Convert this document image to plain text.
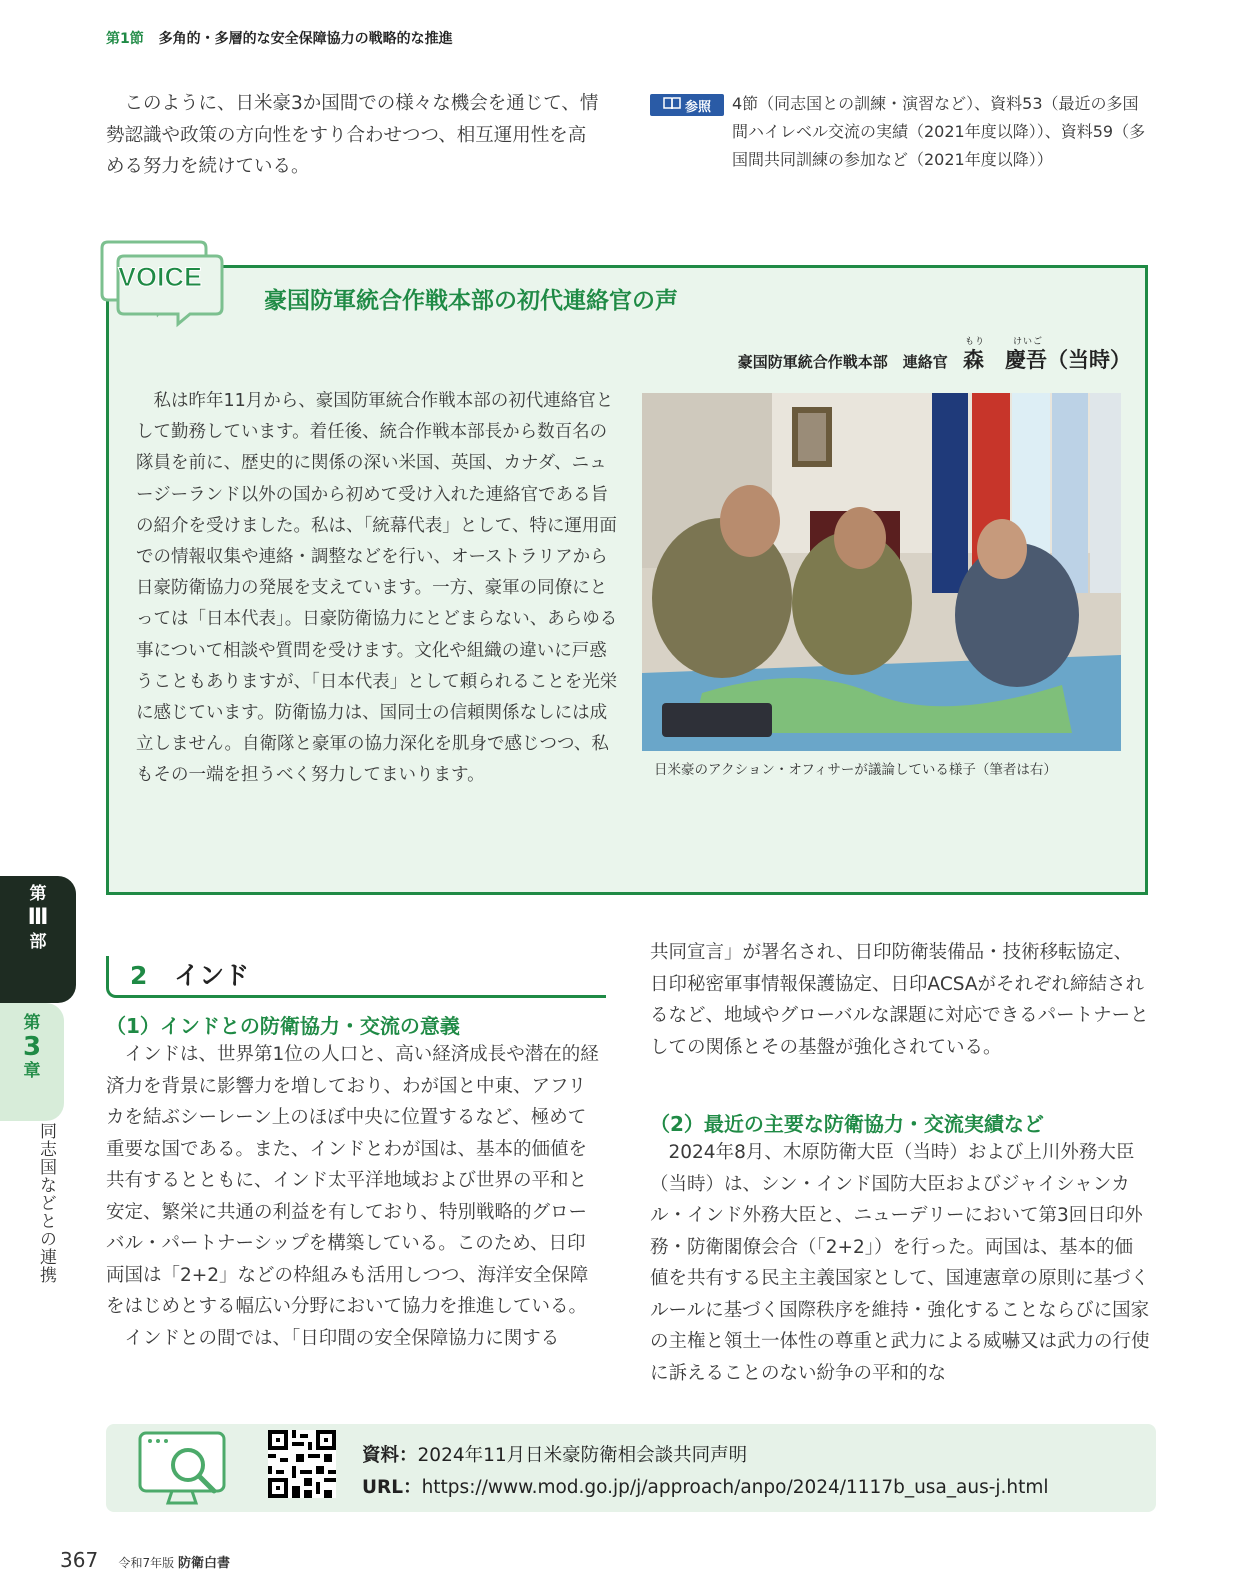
第1節 多角的・多層的な安全保障協力の戦略的な推進

このように、日米豪3か国間での様々な機会を通じて、情勢認識や政策の方向性をすり合わせつつ、相互運用性を高める努力を続けている。

参照 4節（同志国との訓練・演習など）、資料53（最近の多国間ハイレベル交流の実績（2021年度以降））、資料59（多国間共同訓練の参加など（2021年度以降））
VOICE
豪国防軍統合作戦本部の初代連絡官の声
豪国防軍統合作戦本部　連絡官
もり	けいご
森　慶吾（当時）

私は昨年11月から、豪国防軍統合作戦本部の初代連絡官として勤務しています。着任後、統合作戦本部長から数百名の隊員を前に、歴史的に関係の深い米国、英国、カナダ、ニュージーランド以外の国から初めて受け入れた連絡官である旨の紹介を受けました。私は、「統幕代表」として、特に運用面での情報収集や連絡・調整などを行い、オーストラリアから日豪防衛協力の発展を支えています。一方、豪軍の同僚にとっては「日本代表」。日豪防衛協力にとどまらない、あらゆる事について相談や質問を受けます。文化や組織の違いに戸惑うこともありますが、「日本代表」として頼られることを光栄に感じています。防衛協力は、国同士の信頼関係なしには成立しません。自衛隊と豪軍の協力深化を肌身で感じつつ、私もその一端を担うべく努力してまいります。	日米豪のアクション・オフィサーが議論している様子（筆者は右）
第
Ⅲ
部
第
3
章
同志国などとの連携
2 インド
（1）インドとの防衛協力・交流の意義

インドは、世界第1位の人口と、高い経済成長や潜在的経済力を背景に影響力を増しており、わが国と中東、アフリカを結ぶシーレーン上のほぼ中央に位置するなど、極めて重要な国である。また、インドとわが国は、基本的価値を共有するとともに、インド太平洋地域および世界の平和と安定、繁栄に共通の利益を有しており、特別戦略的グローバル・パートナーシップを構築している。このため、日印両国は「2+2」などの枠組みも活用しつつ、海洋安全保障をはじめとする幅広い分野において協力を推進している。

インドとの間では、「日印間の安全保障協力に関する

共同宣言」が署名され、日印防衛装備品・技術移転協定、日印秘密軍事情報保護協定、日印ACSAがそれぞれ締結されるなど、地域やグローバルな課題に対応できるパートナーとしての関係とその基盤が強化されている。

（2）最近の主要な防衛協力・交流実績など

2024年8月、木原防衛大臣（当時）および上川外務大臣（当時）は、シン・インド国防大臣およびジャイシャンカル・インド外務大臣と、ニューデリーにおいて第3回日印外務・防衛閣僚会合（「2+2」）を行った。両国は、基本的価値を共有する民主主義国家として、国連憲章の原則に基づくルールに基づく国際秩序を維持・強化することならびに国家の主権と領土一体性の尊重と武力による威嚇又は武力の行使に訴えることのない紛争の平和的な

資料：2024年11月日米豪防衛相会談共同声明
URL：https://www.mod.go.jp/j/approach/anpo/2024/1117b_usa_aus-j.html
367 令和7年版 防衛白書
